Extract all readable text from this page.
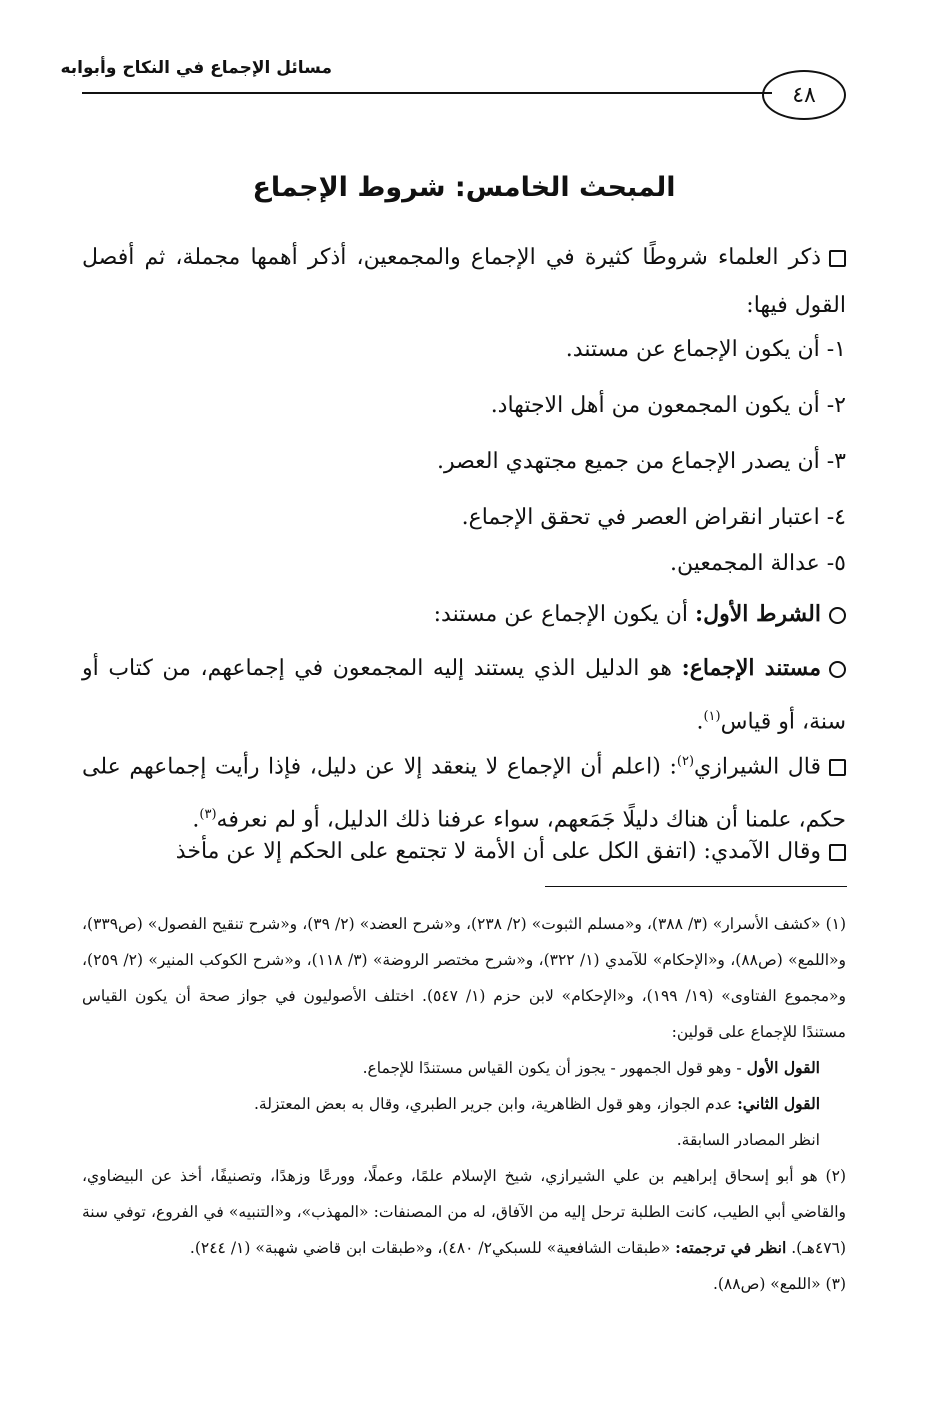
مسائل الإجماع في النكاح وأبوابه
٤٨
المبحث الخامس: شروط الإجماع
ذكر العلماء شروطًا كثيرة في الإجماع والمجمعين، أذكر أهمها مجملة، ثم أفصل القول فيها:
١- أن يكون الإجماع عن مستند.
٢- أن يكون المجمعون من أهل الاجتهاد.
٣- أن يصدر الإجماع من جميع مجتهدي العصر.
٤- اعتبار انقراض العصر في تحقق الإجماع.
٥- عدالة المجمعين.
الشرط الأول: أن يكون الإجماع عن مستند:
مستند الإجماع: هو الدليل الذي يستند إليه المجمعون في إجماعهم، من كتاب أو سنة، أو قياس$^{(١)}$.
قال الشيرازي$^{(٢)}$: (اعلم أن الإجماع لا ينعقد إلا عن دليل، فإذا رأيت إجماعهم على حكم، علمنا أن هناك دليلًا جَمَعهم، سواء عرفنا ذلك الدليل، أو لم نعرفه$^{(٣)}$.
وقال الآمدي: (اتفق الكل على أن الأمة لا تجتمع على الحكم إلا عن مأخذ
(١) «كشف الأسرار» (٣/ ٣٨٨)، و«مسلم الثبوت» (٢/ ٢٣٨)، و«شرح العضد» (٢/ ٣٩)، و«شرح تنقيح الفصول» (ص٣٣٩)، و«اللمع» (ص٨٨)، و«الإحكام» للآمدي (١/ ٣٢٢)، و«شرح مختصر الروضة» (٣/ ١١٨)، و«شرح الكوكب المنير» (٢/ ٢٥٩)، و«مجموع الفتاوى» (١٩/ ١٩٩)، و«الإحكام» لابن حزم (١/ ٥٤٧). اختلف الأصوليون في جواز صحة أن يكون القياس مستندًا للإجماع على قولين:
القول الأول - وهو قول الجمهور - يجوز أن يكون القياس مستندًا للإجماع.
القول الثاني: عدم الجواز، وهو قول الظاهرية، وابن جرير الطبري، وقال به بعض المعتزلة.
انظر المصادر السابقة.
(٢) هو أبو إسحاق إبراهيم بن علي الشيرازي، شيخ الإسلام علمًا، وعملًا، وورعًا وزهدًا، وتصنيفًا، أخذ عن البيضاوي، والقاضي أبي الطيب، كانت الطلبة ترحل إليه من الآفاق، له من المصنفات: «المهذب»، و«التنبيه» في الفروع، توفي سنة (٤٧٦هـ). انظر في ترجمته: «طبقات الشافعية» للسبكي٢/ ٤٨٠)، و«طبقات ابن قاضي شهبة» (١/ ٢٤٤).
(٣) «اللمع» (ص٨٨).
